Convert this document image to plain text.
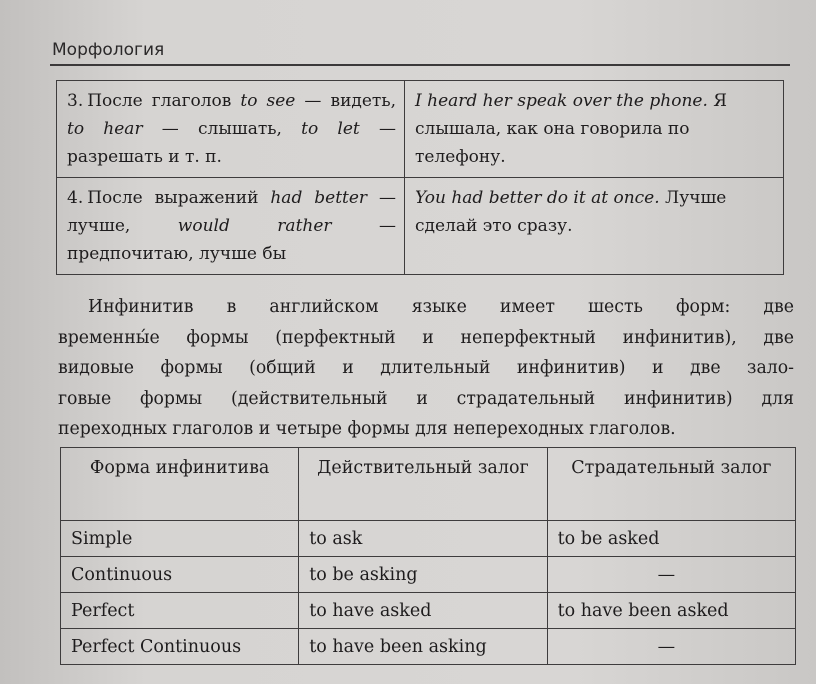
Морфология
3. После глаголов to see — видеть, to hear — слышать, to let — разрешать и т. п.	I heard her speak over the phone. Я слышала, как она говорила по телефону.
4. После выражений had better — лучше, would rather — предпочитаю, лучше бы	You had better do it at once. Лучше сделай это сразу.
Инфинитив в английском языке имеет шесть форм: две
временны́е формы (перфектный и неперфектный инфинитив), две
видовые формы (общий и длительный инфинитив) и две зало-
говые формы (действительный и страдательный инфинитив) для
переходных глаголов и четыре формы для непереходных глаголов.
Форма инфинитива	Действительный залог	Страдательный залог
Simple	to ask	to be asked
Continuous	to be asking	—
Perfect	to have asked	to have been asked
Perfect Continuous	to have been asking	—
